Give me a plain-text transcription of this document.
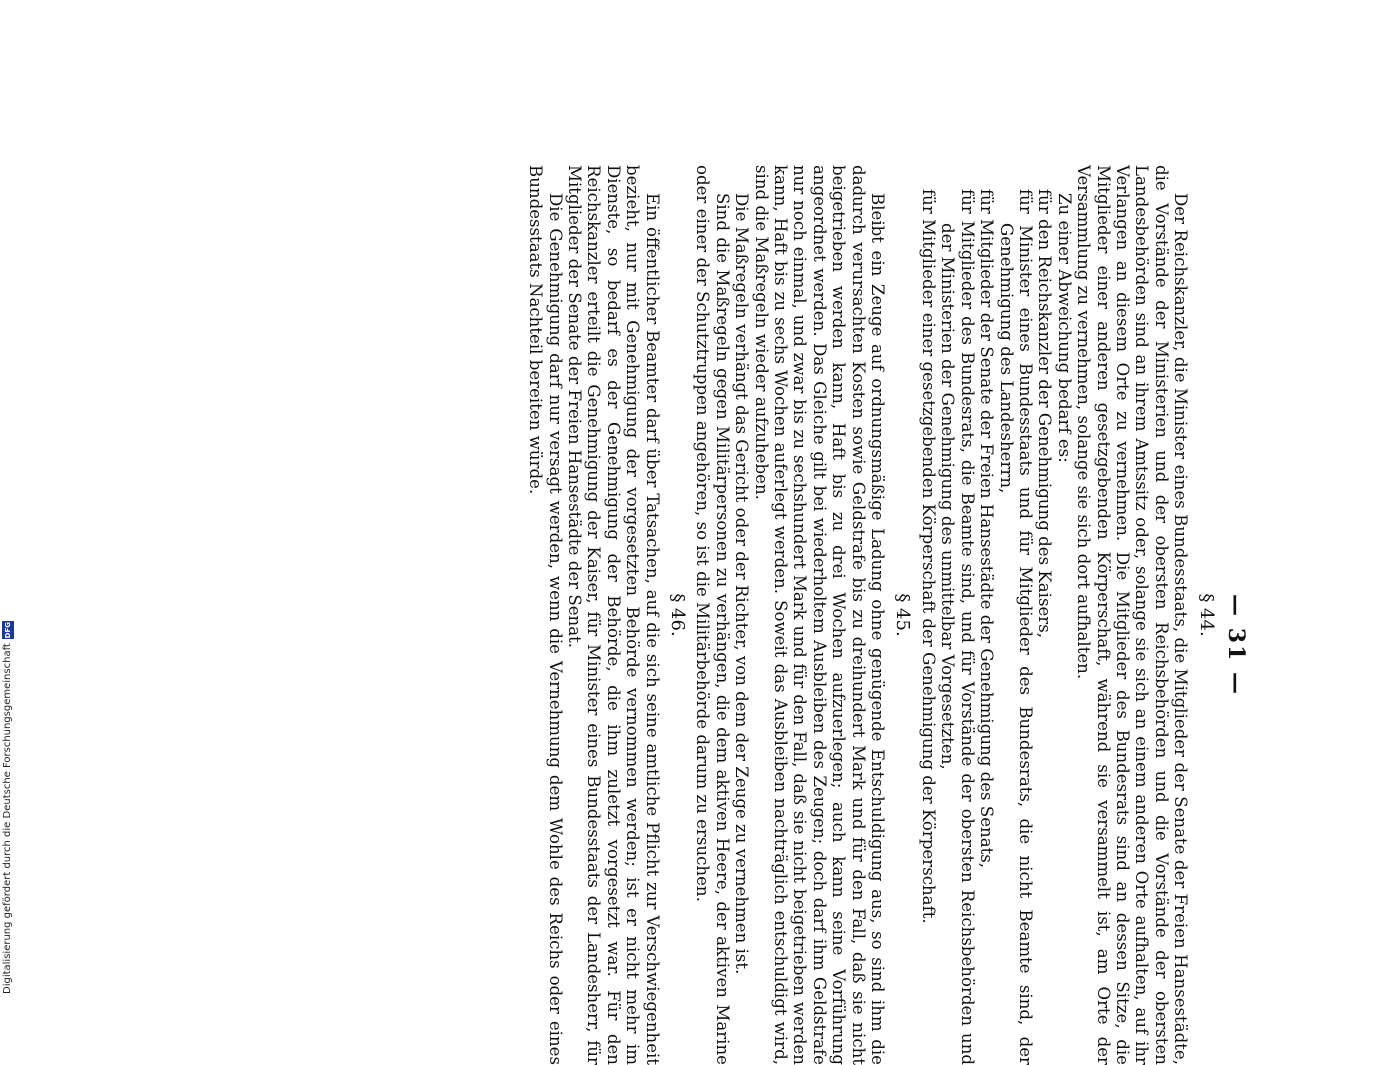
— 31 —
§ 44.

Der Reichskanzler, die Minister eines Bundesstaats, die Mitglieder der Senate der Freien Hansestädte, die Vorstände der Ministerien und der obersten Reichsbehörden und die Vorstände der obersten Landesbehörden sind an ihrem Amtssitz oder, solange sie sich an einem anderen Orte aufhalten, auf ihr Verlangen an diesem Orte zu vernehmen. Die Mitglieder des Bundesrats sind an dessen Sitze, die Mitglieder einer anderen gesetzgebenden Körperschaft, während sie versammelt ist, am Orte der Versammlung zu vernehmen, solange sie sich dort aufhalten.

Zu einer Abweichung bedarf es:

für den Reichskanzler der Genehmigung des Kaisers,

für Minister eines Bundesstaats und für Mitglieder des Bundesrats, die nicht Beamte sind, der Genehmigung des Landesherrn,

für Mitglieder der Senate der Freien Hansestädte der Genehmigung des Senats,

für Mitglieder des Bundesrats, die Beamte sind, und für Vorstände der obersten Reichsbehörden und der Ministerien der Genehmigung des unmittelbar Vorgesetzten,

für Mitglieder einer gesetzgebenden Körperschaft der Genehmigung der Körperschaft.

§ 45.

Bleibt ein Zeuge auf ordnungsmäßige Ladung ohne genügende Entschuldigung aus, so sind ihm die dadurch verursachten Kosten sowie Geldstrafe bis zu dreihundert Mark und für den Fall, daß sie nicht beigetrieben werden kann, Haft bis zu drei Wochen aufzuerlegen; auch kann seine Vorführung angeordnet werden. Das Gleiche gilt bei wiederholtem Ausbleiben des Zeugen; doch darf ihm Geldstrafe nur noch einmal, und zwar bis zu sechshundert Mark und für den Fall, daß sie nicht beigetrieben werden kann, Haft bis zu sechs Wochen auferlegt werden. Soweit das Ausbleiben nachträglich entschuldigt wird, sind die Maßregeln wieder aufzuheben.

Die Maßregeln verhängt das Gericht oder der Richter, von dem der Zeuge zu vernehmen ist.

Sind die Maßregeln gegen Militärpersonen zu verhängen, die dem aktiven Heere, der aktiven Marine oder einer der Schutztruppen angehören, so ist die Militärbehörde darum zu ersuchen.

§ 46.

Ein öffentlicher Beamter darf über Tatsachen, auf die sich seine amtliche Pflicht zur Verschwiegenheit bezieht, nur mit Genehmigung der vorgesetzten Behörde vernommen werden; ist er nicht mehr im Dienste, so bedarf es der Genehmigung der Behörde, die ihm zuletzt vorgesetzt war. Für den Reichskanzler erteilt die Genehmigung der Kaiser, für Minister eines Bundesstaats der Landesherr, für Mitglieder der Senate der Freien Hansestädte der Senat.

Die Genehmigung darf nur versagt werden, wenn die Vernehmung dem Wohle des Reichs oder eines Bundesstaats Nachteil bereiten würde.

Digitalisierung gefördert durch die Deutsche Forschungsgemeinschaft
DFG
